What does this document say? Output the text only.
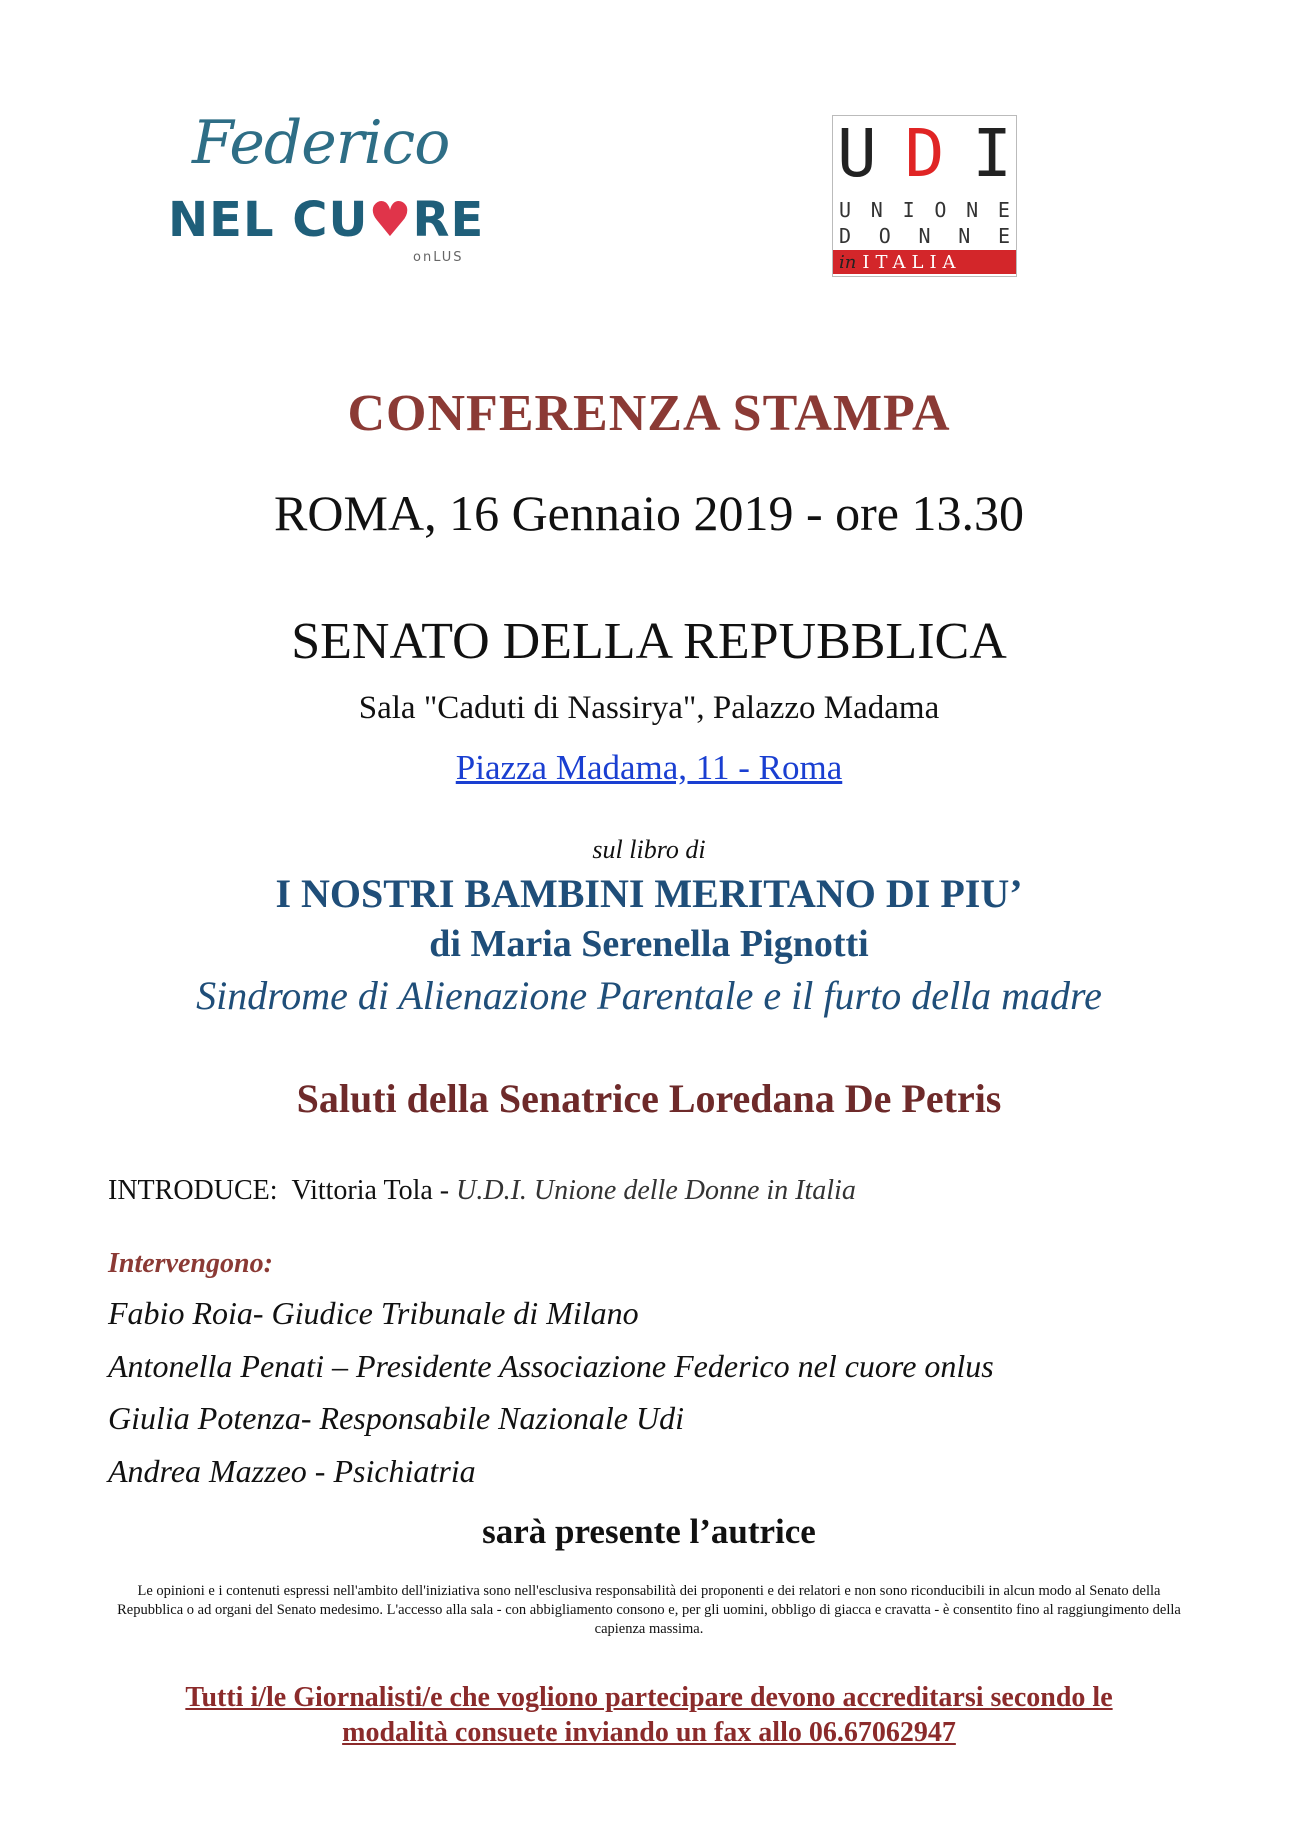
Federico
NEL CU♥RE
onLUS
U D I
U N I O N E
D O N N E
in ITALIA
CONFERENZA STAMPA
ROMA, 16 Gennaio 2019 - ore 13.30
SENATO DELLA REPUBBLICA
Sala "Caduti di Nassirya", Palazzo Madama
Piazza Madama, 11 - Roma
sul libro di
I NOSTRI BAMBINI MERITANO DI PIU’
di Maria Serenella Pignotti
Sindrome di Alienazione Parentale e il furto della madre
Saluti della Senatrice Loredana De Petris
INTRODUCE: Vittoria Tola - U.D.I. Unione delle Donne in Italia
Intervengono:
Fabio Roia- Giudice Tribunale di Milano
Antonella Penati – Presidente Associazione Federico nel cuore onlus
Giulia Potenza- Responsabile Nazionale Udi
Andrea Mazzeo - Psichiatria
sarà presente l’autrice
Le opinioni e i contenuti espressi nell'ambito dell'iniziativa sono nell'esclusiva responsabilità dei proponenti e dei relatori e non sono riconducibili in alcun modo al Senato della Repubblica o ad organi del Senato medesimo. L'accesso alla sala - con abbigliamento consono e, per gli uomini, obbligo di giacca e cravatta - è consentito fino al raggiungimento della capienza massima.
Tutti i/le Giornalisti/e che vogliono partecipare devono accreditarsi secondo le
modalità consuete inviando un fax allo 06.67062947
